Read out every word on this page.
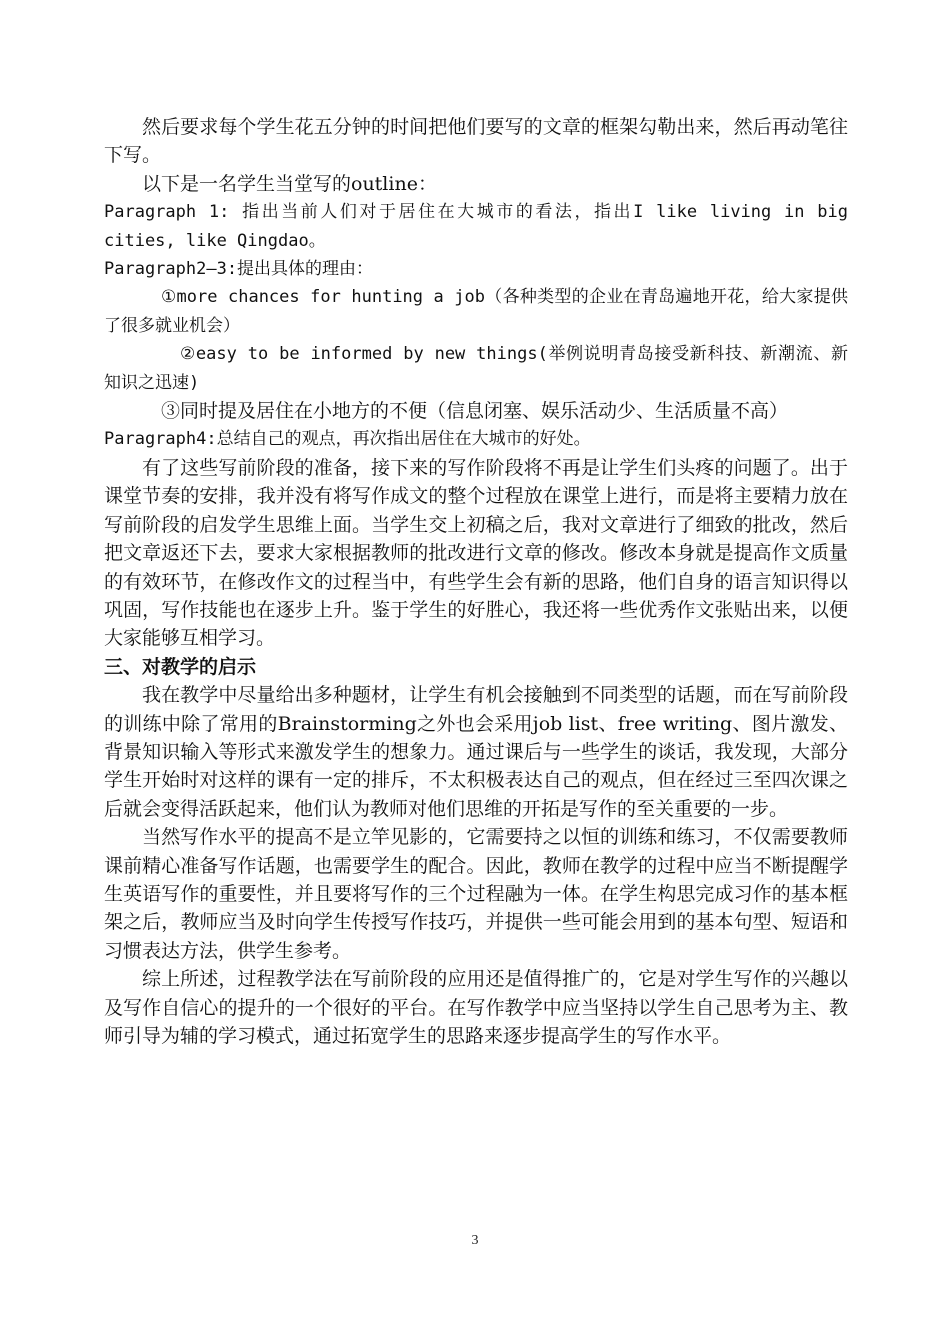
然后要求每个学生花五分钟的时间把他们要写的文章的框架勾勒出来，然后再动笔往下写。

以下是一名学生当堂写的outline：

Paragraph 1: 指出当前人们对于居住在大城市的看法，指出I like living in big cities, like Qingdao。

Paragraph2—3:提出具体的理由：

①more chances for hunting a job（各种类型的企业在青岛遍地开花，给大家提供了很多就业机会）

②easy to be informed by new things(举例说明青岛接受新科技、新潮流、新知识之迅速)

③同时提及居住在小地方的不便（信息闭塞、娱乐活动少、生活质量不高）

Paragraph4:总结自己的观点，再次指出居住在大城市的好处。

有了这些写前阶段的准备，接下来的写作阶段将不再是让学生们头疼的问题了。出于课堂节奏的安排，我并没有将写作成文的整个过程放在课堂上进行，而是将主要精力放在写前阶段的启发学生思维上面。当学生交上初稿之后，我对文章进行了细致的批改，然后把文章返还下去，要求大家根据教师的批改进行文章的修改。修改本身就是提高作文质量的有效环节，在修改作文的过程当中，有些学生会有新的思路，他们自身的语言知识得以巩固，写作技能也在逐步上升。鉴于学生的好胜心，我还将一些优秀作文张贴出来，以便大家能够互相学习。

三、对教学的启示

我在教学中尽量给出多种题材，让学生有机会接触到不同类型的话题，而在写前阶段的训练中除了常用的Brainstorming之外也会采用job list、free writing、图片激发、背景知识输入等形式来激发学生的想象力。通过课后与一些学生的谈话，我发现，大部分学生开始时对这样的课有一定的排斥，不太积极表达自己的观点，但在经过三至四次课之后就会变得活跃起来，他们认为教师对他们思维的开拓是写作的至关重要的一步。

当然写作水平的提高不是立竿见影的，它需要持之以恒的训练和练习，不仅需要教师课前精心准备写作话题，也需要学生的配合。因此，教师在教学的过程中应当不断提醒学生英语写作的重要性，并且要将写作的三个过程融为一体。在学生构思完成习作的基本框架之后，教师应当及时向学生传授写作技巧，并提供一些可能会用到的基本句型、短语和习惯表达方法，供学生参考。

综上所述，过程教学法在写前阶段的应用还是值得推广的，它是对学生写作的兴趣以及写作自信心的提升的一个很好的平台。在写作教学中应当坚持以学生自己思考为主、教师引导为辅的学习模式，通过拓宽学生的思路来逐步提高学生的写作水平。

3
